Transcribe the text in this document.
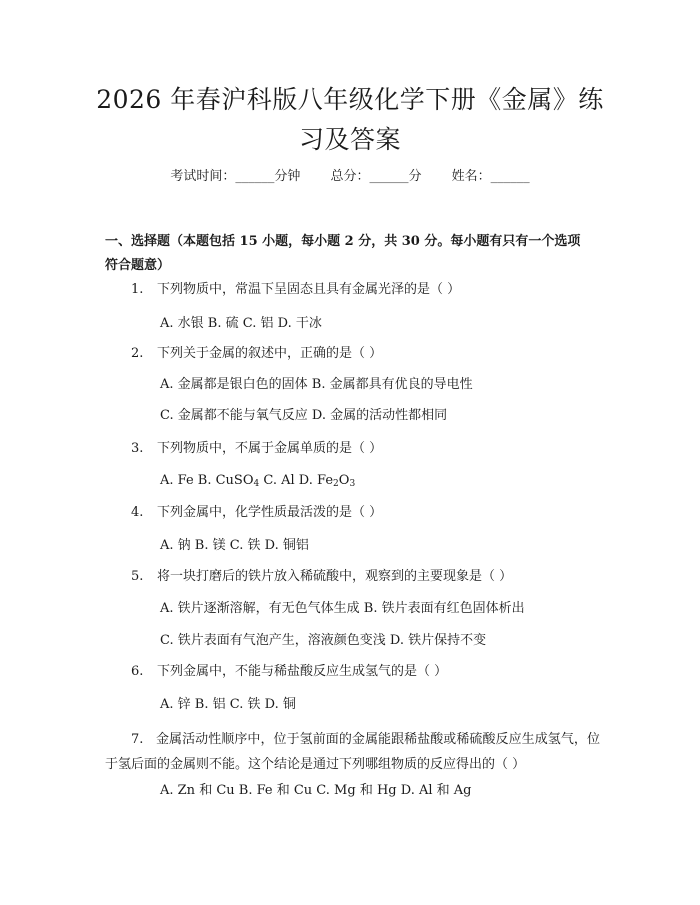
2026 年春沪科版八年级化学下册《金属》练
习及答案
考试时间：______分钟 总分：______分 姓名：______
一、选择题（本题包括 15 小题，每小题 2 分，共 30 分。每小题有只有一个选项
符合题意）
1. 下列物质中，常温下呈固态且具有金属光泽的是（ ）
A. 水银 B. 硫 C. 铝 D. 干冰
2. 下列关于金属的叙述中，正确的是（ ）
A. 金属都是银白色的固体 B. 金属都具有优良的导电性
C. 金属都不能与氧气反应 D. 金属的活动性都相同
3. 下列物质中，不属于金属单质的是（ ）
A. Fe B. CuSO$_4$ C. Al D. $Fe_2O_3$
4. 下列金属中，化学性质最活泼的是（ ）
A. 钠 B. 镁 C. 铁 D. 铜铝
5. 将一块打磨后的铁片放入稀硫酸中，观察到的主要现象是（ ）
A. 铁片逐渐溶解，有无色气体生成 B. 铁片表面有红色固体析出
C. 铁片表面有气泡产生，溶液颜色变浅 D. 铁片保持不变
6. 下列金属中，不能与稀盐酸反应生成氢气的是（ ）
A. 锌 B. 铝 C. 铁 D. 铜
7. 金属活动性顺序中，位于氢前面的金属能跟稀盐酸或稀硫酸反应生成氢气，位于氢后面的金属则不能。这个结论是通过下列哪组物质的反应得出的（ ）
A. Zn 和 Cu B. Fe 和 Cu C. Mg 和 Hg D. Al 和 Ag
